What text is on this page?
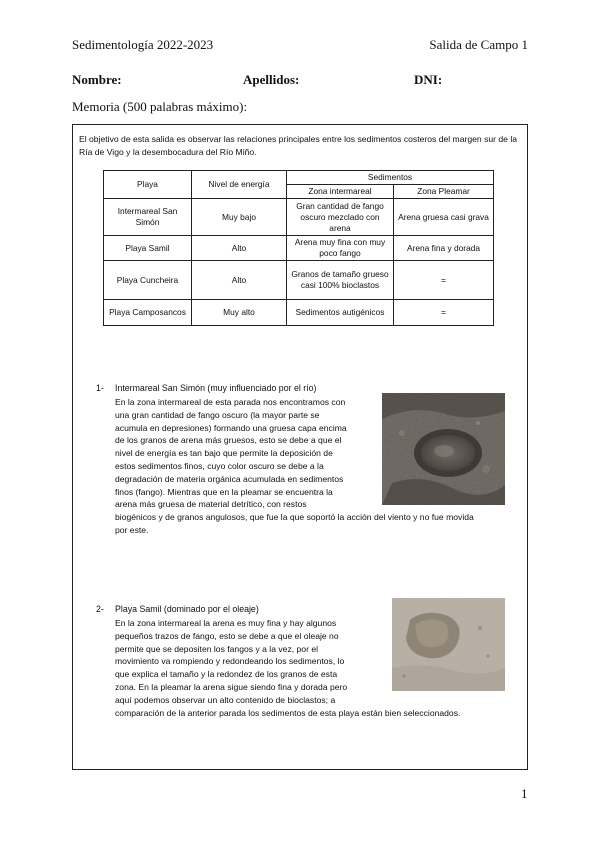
Sedimentología 2022-2023	Salida de Campo 1
Nombre:	Apellidos:	DNI:
Memoria (500 palabras máximo):
El objetivo de esta salida es observar las relaciones principales entre los sedimentos costeros del margen sur de la Ría de Vigo y la desembocadura del Río Miño.
Playa	Nivel de energía	Sedimentos	
		Zona intermareal	Zona Pleamar
Intermareal San Simón	Muy bajo	Gran cantidad de fango oscuro mezclado con arena	Arena gruesa casi grava
Playa Samil	Alto	Arena muy fina con muy poco fango	Arena fina y dorada
Playa Cuncheira	Alto	Granos de tamaño grueso casi 100% bioclastos	=
Playa Camposancos	Muy alto	Sedimentos autigénicos	=
1- Intermareal San Simón (muy influenciado por el río)
En la zona intermareal de esta parada nos encontramos con
una gran cantidad de fango oscuro (la mayor parte se
acumula en depresiones) formando una gruesa capa encima
de los granos de arena más gruesos, esto se debe a que el
nivel de energía es tan bajo que permite la deposición de
estos sedimentos finos, cuyo color oscuro se debe a la
degradación de materia orgánica acumulada en sedimentos
finos (fango). Mientras que en la pleamar se encuentra la
arena más gruesa de material detrítico, con restos
biogénicos y de granos angulosos, que fue la que soportó la acción del viento y no fue movida
por este.
2- Playa Samil (dominado por el oleaje)
En la zona intermareal la arena es muy fina y hay algunos
pequeños trazos de fango, esto se debe a que el oleaje no
permite que se depositen los fangos y a la vez, por el
movimiento va rompiendo y redondeando los sedimentos, lo
que explica el tamaño y la redondez de los granos de esta
zona. En la pleamar la arena sigue siendo fina y dorada pero
aquí podemos observar un alto contenido de bioclastos; a
comparación de la anterior parada los sedimentos de esta playa están bien seleccionados.
1
